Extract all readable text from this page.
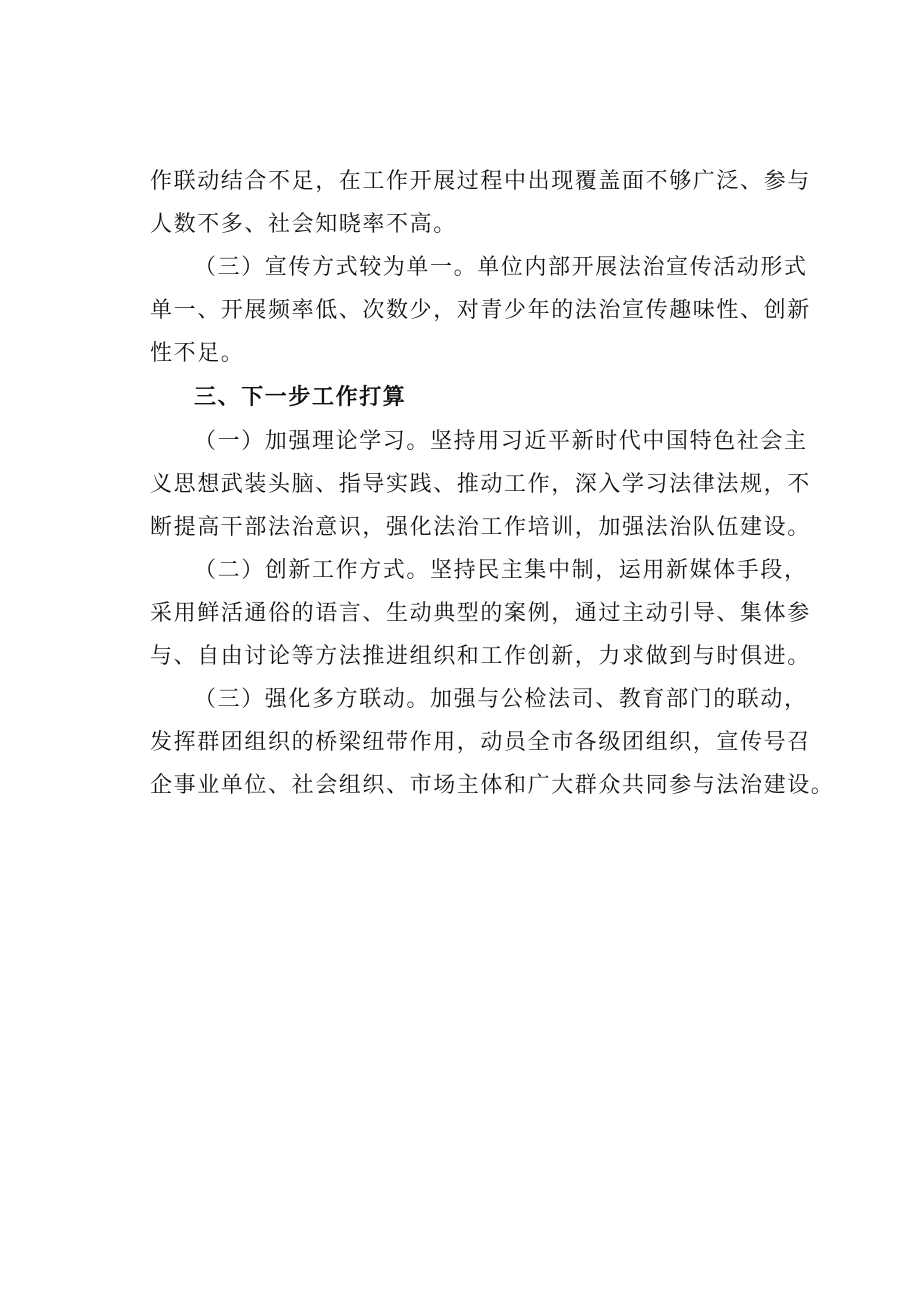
作联动结合不足，在工作开展过程中出现覆盖面不够广泛、参与
人数不多、社会知晓率不高。
（三）宣传方式较为单一。单位内部开展法治宣传活动形式
单一、开展频率低、次数少，对青少年的法治宣传趣味性、创新
性不足。
三、下一步工作打算
（一）加强理论学习。坚持用习近平新时代中国特色社会主
义思想武装头脑、指导实践、推动工作，深入学习法律法规，不
断提高干部法治意识，强化法治工作培训，加强法治队伍建设。
（二）创新工作方式。坚持民主集中制，运用新媒体手段，
采用鲜活通俗的语言、生动典型的案例，通过主动引导、集体参
与、自由讨论等方法推进组织和工作创新，力求做到与时俱进。
（三）强化多方联动。加强与公检法司、教育部门的联动，
发挥群团组织的桥梁纽带作用，动员全市各级团组织，宣传号召
企事业单位、社会组织、市场主体和广大群众共同参与法治建设。
